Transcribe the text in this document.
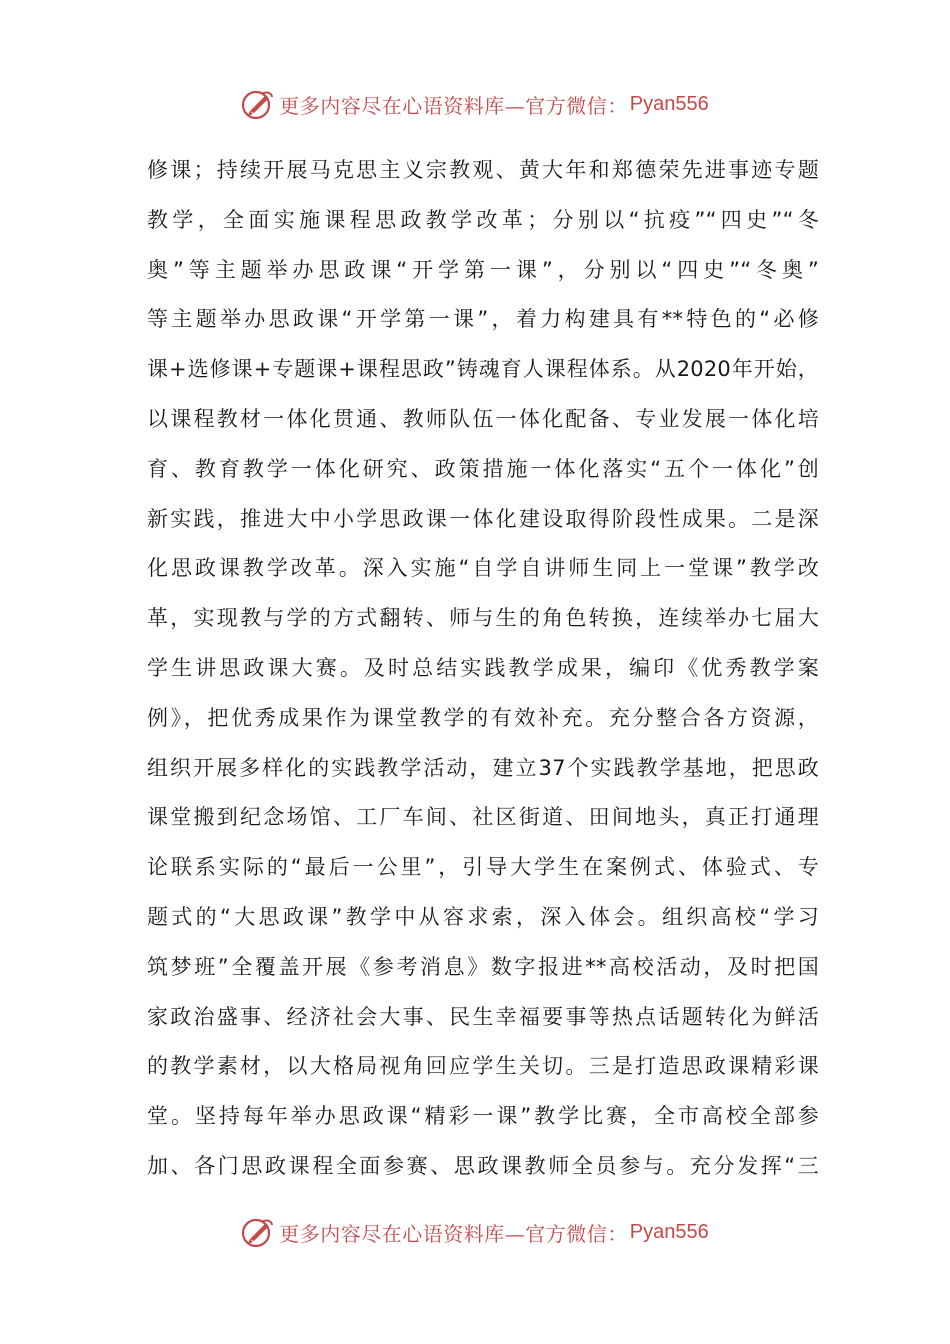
更多内容尽在心语资料库—官方微信： Pyan556
修课；持续开展马克思主义宗教观、黄大年和郑德荣先进事迹专题
教学，全面实施课程思政教学改革；分别以“抗疫”“四史”“冬
奥”等主题举办思政课“开学第一课”，分别以“四史”“冬奥”
等主题举办思政课“开学第一课”，着力构建具有**特色的“必修
课+选修课+专题课+课程思政”铸魂育人课程体系。从2020年开始，
以课程教材一体化贯通、教师队伍一体化配备、专业发展一体化培
育、教育教学一体化研究、政策措施一体化落实“五个一体化”创
新实践，推进大中小学思政课一体化建设取得阶段性成果。二是深
化思政课教学改革。深入实施“自学自讲师生同上一堂课”教学改
革，实现教与学的方式翻转、师与生的角色转换，连续举办七届大
学生讲思政课大赛。及时总结实践教学成果，编印《优秀教学案
例》，把优秀成果作为课堂教学的有效补充。充分整合各方资源，
组织开展多样化的实践教学活动，建立37个实践教学基地，把思政
课堂搬到纪念场馆、工厂车间、社区街道、田间地头，真正打通理
论联系实际的“最后一公里”，引导大学生在案例式、体验式、专
题式的“大思政课”教学中从容求索，深入体会。组织高校“学习
筑梦班”全覆盖开展《参考消息》数字报进**高校活动，及时把国
家政治盛事、经济社会大事、民生幸福要事等热点话题转化为鲜活
的教学素材，以大格局视角回应学生关切。三是打造思政课精彩课
堂。坚持每年举办思政课“精彩一课”教学比赛，全市高校全部参
加、各门思政课程全面参赛、思政课教师全员参与。充分发挥“三
更多内容尽在心语资料库—官方微信： Pyan556
